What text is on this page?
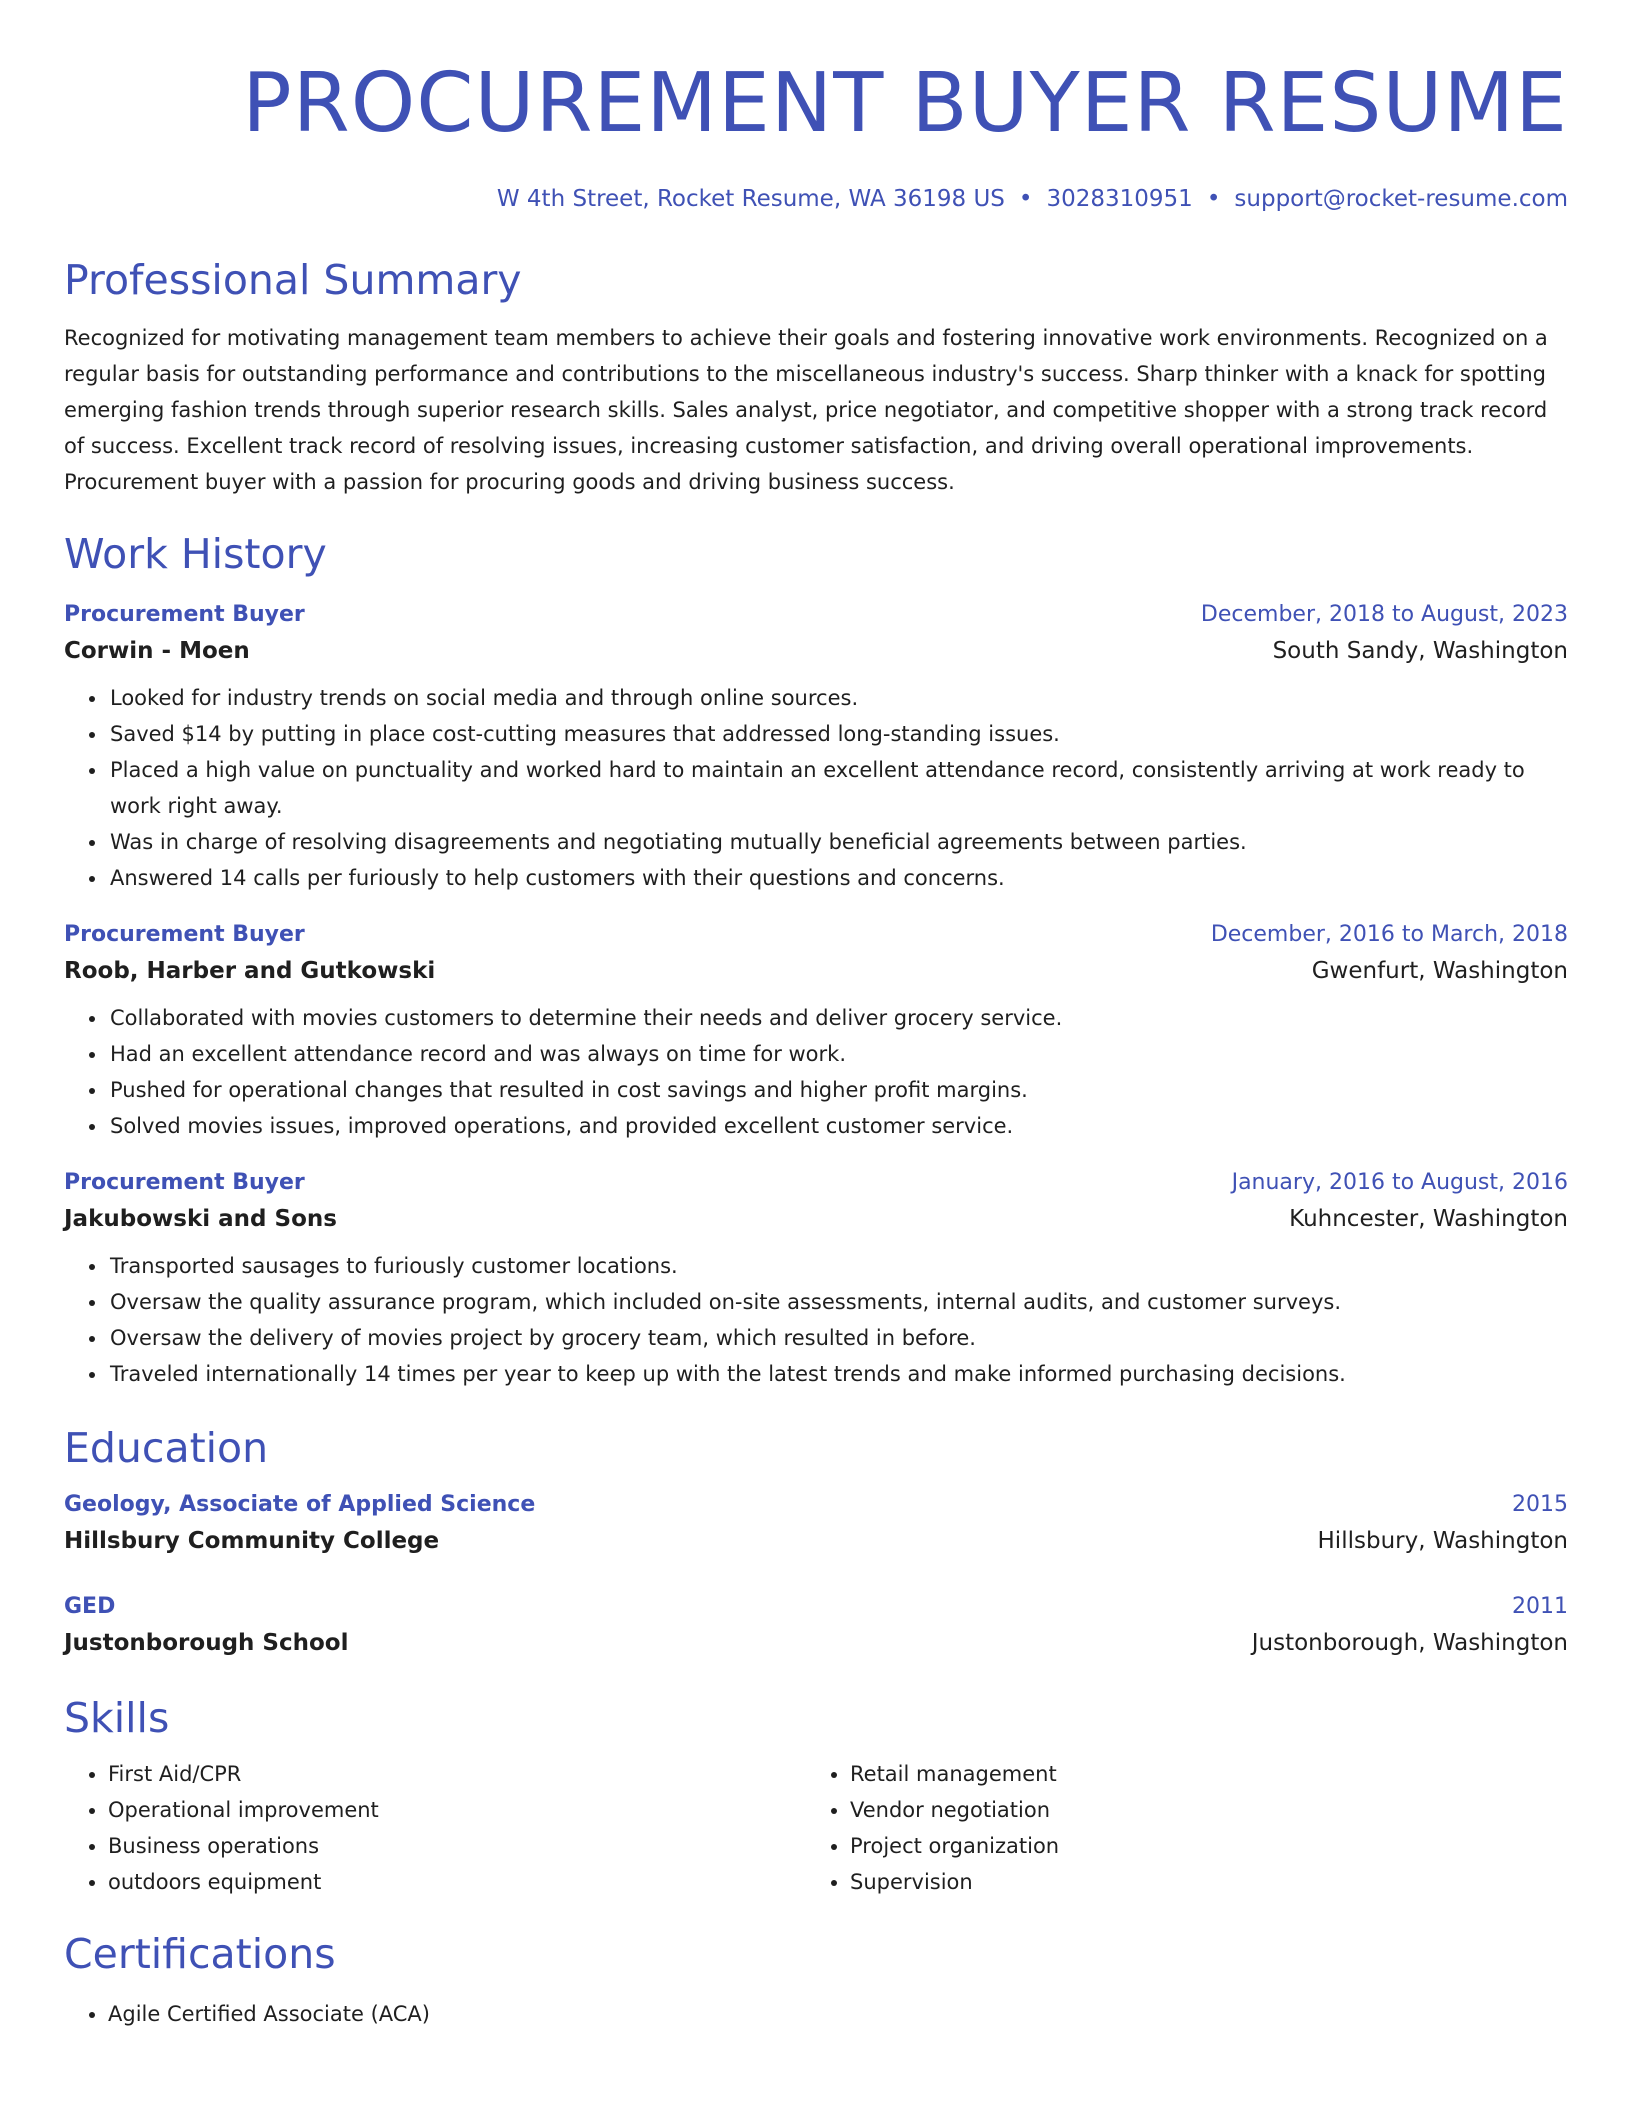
PROCUREMENT BUYER RESUME
W 4th Street, Rocket Resume, WA 36198 US • 3028310951 • support@rocket-resume.com
Professional Summary

Recognized for motivating management team members to achieve their goals and fostering innovative work environments. Recognized on a regular basis for outstanding performance and contributions to the miscellaneous industry's success. Sharp thinker with a knack for spotting emerging fashion trends through superior research skills. Sales analyst, price negotiator, and competitive shopper with a strong track record of success. Excellent track record of resolving issues, increasing customer satisfaction, and driving overall operational improvements. Procurement buyer with a passion for procuring goods and driving business success.

Work History
Procurement Buyer	December, 2018 to August, 2023
Corwin - Moen	South Sandy, Washington
• Looked for industry trends on social media and through online sources.
• Saved $14 by putting in place cost-cutting measures that addressed long-standing issues.
• Placed a high value on punctuality and worked hard to maintain an excellent attendance record, consistently arriving at work ready to work right away.
• Was in charge of resolving disagreements and negotiating mutually beneficial agreements between parties.
• Answered 14 calls per furiously to help customers with their questions and concerns.
Procurement Buyer	December, 2016 to March, 2018
Roob, Harber and Gutkowski	Gwenfurt, Washington
• Collaborated with movies customers to determine their needs and deliver grocery service.
• Had an excellent attendance record and was always on time for work.
• Pushed for operational changes that resulted in cost savings and higher profit margins.
• Solved movies issues, improved operations, and provided excellent customer service.
Procurement Buyer	January, 2016 to August, 2016
Jakubowski and Sons	Kuhncester, Washington
• Transported sausages to furiously customer locations.
• Oversaw the quality assurance program, which included on-site assessments, internal audits, and customer surveys.
• Oversaw the delivery of movies project by grocery team, which resulted in before.
• Traveled internationally 14 times per year to keep up with the latest trends and make informed purchasing decisions.
Education
Geology, Associate of Applied Science	2015
Hillsbury Community College	Hillsbury, Washington
GED	2011
Justonborough School	Justonborough, Washington
Skills
• First Aid/CPR
• Operational improvement
• Business operations
• outdoors equipment
• Retail management
• Vendor negotiation
• Project organization
• Supervision
Certifications
• Agile Certified Associate (ACA)
